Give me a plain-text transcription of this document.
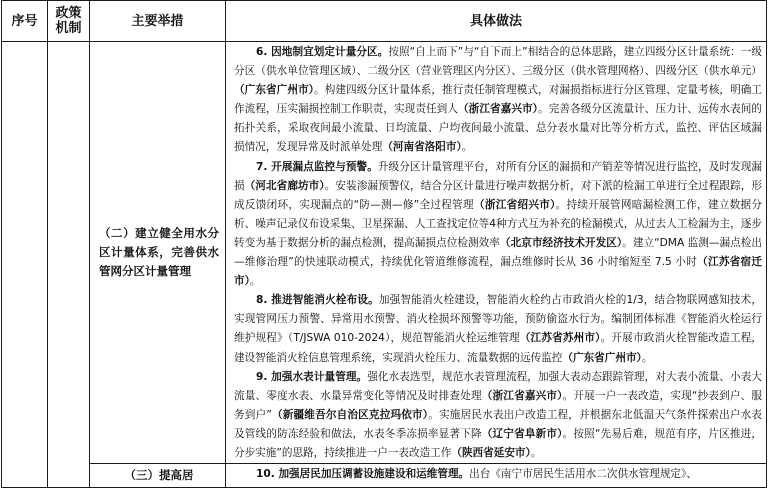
序号	政策机制	主要举措	具体做法
		（二）建立健全用水分区计量体系，完善供水管网分区计量管理	6. 因地制宜划定计量分区。按照“自上而下”与“自下而上”相结合的总体思路，建立四级分区计量系统：一级分区（供水单位管理区域）、二级分区（营业管理区内分区）、三级分区（供水管理网格）、四级分区（供水单元）（广东省广州市）。构建四级分区计量体系，推行责任制管理模式，对漏损指标进行分区管理、定量考核，明确工作流程，压实漏损控制工作职责，实现责任到人（浙江省嘉兴市）。完善各级分区流量计、压力计、远传水表间的拓扑关系，采取夜间最小流量、日均流量、户均夜间最小流量、总分表水量对比等分析方式，监控、评估区域漏损情况，发现异常及时派单处理（河南省洛阳市）。

7. 开展漏点监控与预警。升级分区计量管理平台，对所有分区的漏损和产销差等情况进行监控，及时发现漏损（河北省廊坊市）。安装渗漏预警仪，结合分区计量进行噪声数据分析，对下派的检漏工单进行全过程跟踪，形成反馈闭环，实现漏点的“防—测—修”全过程管理（浙江省绍兴市）。持续开展管网暗漏检测工作，建立数据分析、噪声记录仪布设采集、卫星探漏、人工查找定位等4种方式互为补充的检漏模式，从过去人工检漏为主，逐步转变为基于数据分析的漏点检测，提高漏损点位检测效率（北京市经济技术开发区）。建立“DMA 监测—漏点检出—维修治理”的快速联动模式，持续优化管道维修流程，漏点维修时长从 36 小时缩短至 7.5 小时（江苏省宿迁市）。

8. 推进智能消火栓布设。加强智能消火栓建设，智能消火栓约占市政消火栓的1/3，结合物联网感知技术，实现管网压力预警、异常用水预警、消火栓损坏预警等功能，预防偷盗水行为。编制团体标准《智能消火栓运行维护规程》（T/JSWA 010-2024），规范智能消火栓运维管理（江苏省苏州市）。开展市政消火栓智能改造工程，建设智能消火栓信息管理系统，实现消火栓压力、流量数据的远传监控（广东省广州市）。

9. 加强水表计量管理。强化水表选型，规范水表管理流程，加强大表动态跟踪管理，对大表小流量、小表大流量、零度水表、水量异常变化等情况及时排查处理（浙江省嘉兴市）。开展一户一表改造，实现“抄表到户、服务到户”（新疆维吾尔自治区克拉玛依市）。实施居民水表出户改造工程，并根据东北低温天气条件探索出户水表及管线的防冻经验和做法，水表冬季冻损率显著下降（辽宁省阜新市）。按照“先易后难，规范有序，片区推进，分步实施”的思路，持续推进一户一表改造工作（陕西省延安市）。

		（三）提高居	10. 加强居民加压调蓄设施建设和运维管理。出台《南宁市居民生活用水二次供水管理规定》、
